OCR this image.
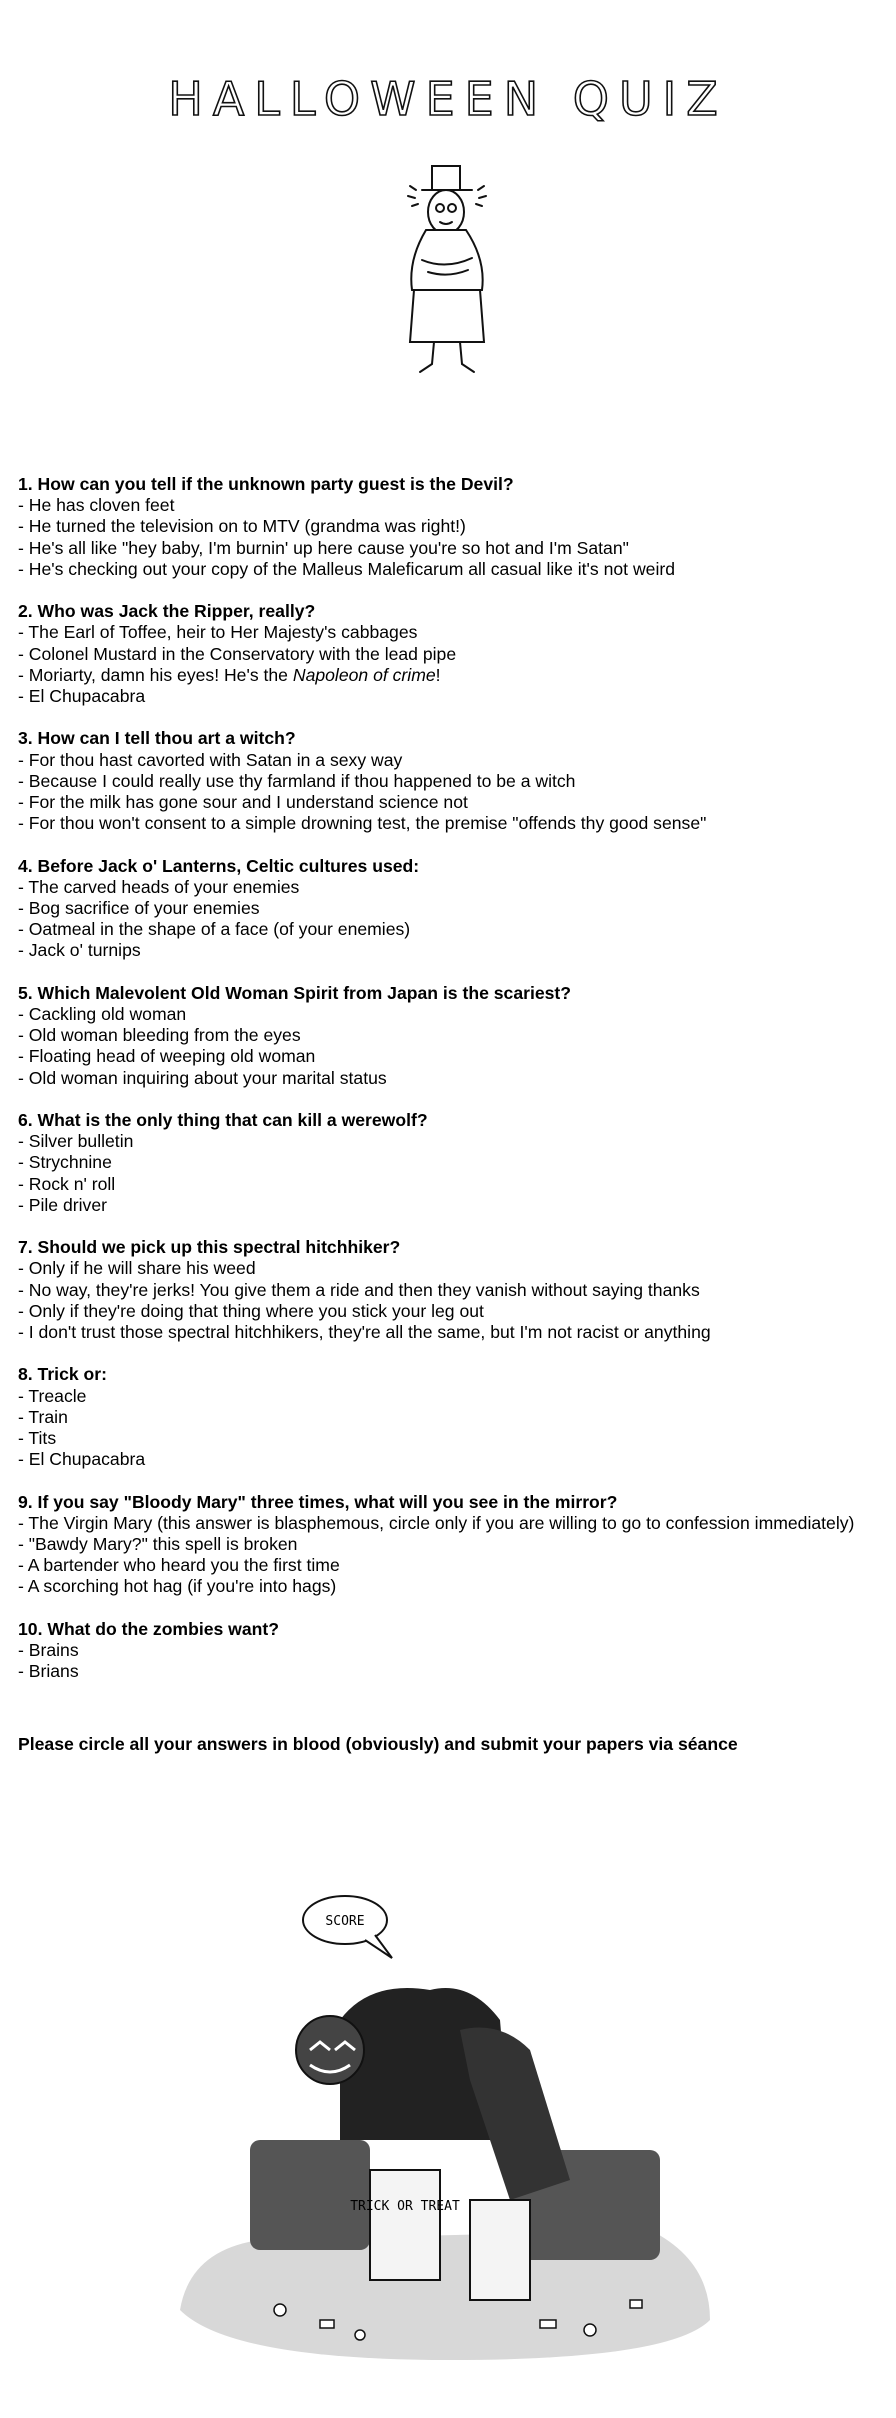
HALLOWEEN QUIZ
1. How can you tell if the unknown party guest is the Devil?
- He has cloven feet
- He turned the television on to MTV (grandma was right!)
- He's all like "hey baby, I'm burnin' up here cause you're so hot and I'm Satan"
- He's checking out your copy of the Malleus Maleficarum all casual like it's not weird
2. Who was Jack the Ripper, really?
- The Earl of Toffee, heir to Her Majesty's cabbages
- Colonel Mustard in the Conservatory with the lead pipe
- Moriarty, damn his eyes! He's the Napoleon of crime!
- El Chupacabra
3. How can I tell thou art a witch?
- For thou hast cavorted with Satan in a sexy way
- Because I could really use thy farmland if thou happened to be a witch
- For the milk has gone sour and I understand science not
- For thou won't consent to a simple drowning test, the premise "offends thy good sense"
4. Before Jack o' Lanterns, Celtic cultures used:
- The carved heads of your enemies
- Bog sacrifice of your enemies
- Oatmeal in the shape of a face (of your enemies)
- Jack o' turnips
5. Which Malevolent Old Woman Spirit from Japan is the scariest?
- Cackling old woman
- Old woman bleeding from the eyes
- Floating head of weeping old woman
- Old woman inquiring about your marital status
6. What is the only thing that can kill a werewolf?
- Silver bulletin
- Strychnine
- Rock n' roll
- Pile driver
7. Should we pick up this spectral hitchhiker?
- Only if he will share his weed
- No way, they're jerks! You give them a ride and then they vanish without saying thanks
- Only if they're doing that thing where you stick your leg out
- I don't trust those spectral hitchhikers, they're all the same, but I'm not racist or anything
8. Trick or:
- Treacle
- Train
- Tits
- El Chupacabra
9. If you say "Bloody Mary" three times, what will you see in the mirror?
- The Virgin Mary (this answer is blasphemous, circle only if you are willing to go to confession immediately)
- "Bawdy Mary?" this spell is broken
- A bartender who heard you the first time
- A scorching hot hag (if you're into hags)
10. What do the zombies want?
- Brains
- Brians
Please circle all your answers in blood (obviously) and submit your papers via séance
SCORE
TRICK OR TREAT
